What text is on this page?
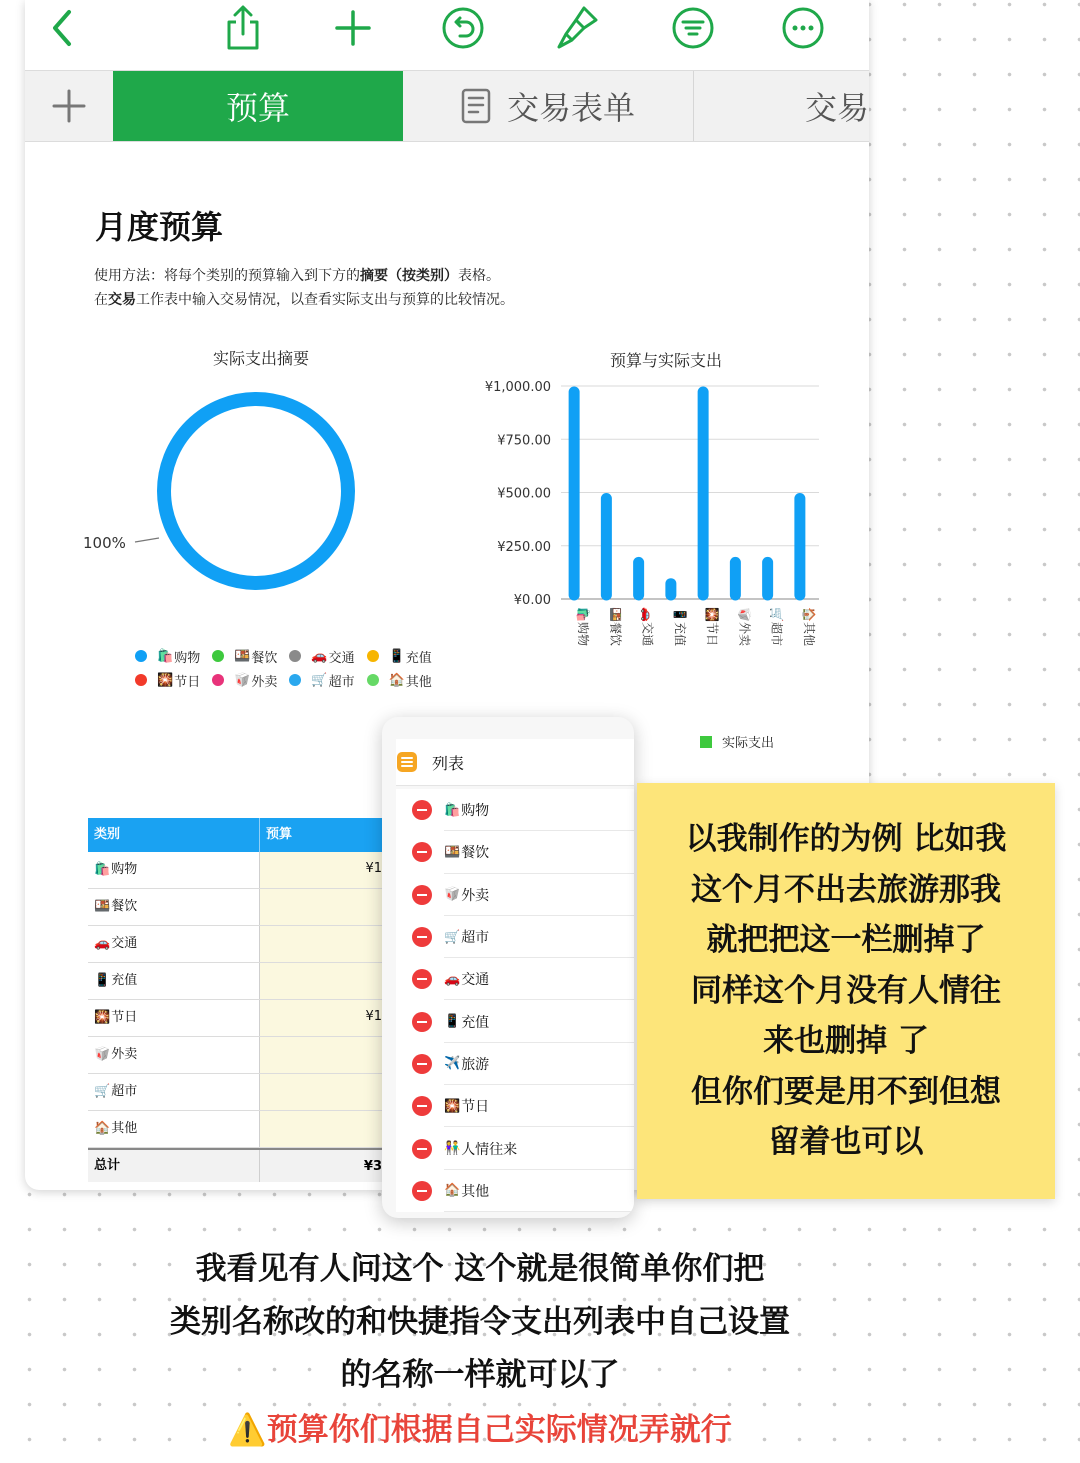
预算	交易表单	交易
月度预算
使用方法：将每个类别的预算输入到下方的摘要（按类别）表格。
在交易工作表中输入交易情况，以查看实际支出与预算的比较情况。
实际支出摘要
100%
🛍️ 购物	🍱 餐饮	🚗 交通	📱 充值
🎇 节日	🥡 外卖	🛒 超市	🏠 其他
预算与实际支出
¥1,000.00
¥750.00
¥500.00
¥250.00
¥0.00
🛍️购物
🍱餐饮
🚗交通
📱充值
🎇节日
🥡外卖
🛒超市
🏠其他
实际支出
类别	预算
🛍️购物	¥1
🍱餐饮
🚗交通
📱充值
🎇节日	¥1
🥡外卖
🛒超市
🏠其他
总计	¥3
列表
🛍️ 购物
🍱 餐饮
🥡 外卖
🛒 超市
🚗 交通
📱 充值
✈️ 旅游
🎇 节日
👫 人情往来
🏠 其他
以我制作的为例 比如我
这个月不出去旅游那我
就把把这一栏删掉了
同样这个月没有人情往
来也删掉 了
但你们要是用不到但想
留着也可以
我看见有人问这个 这个就是很简单你们把
类别名称改的和快捷指令支出列表中自己设置
的名称一样就可以了
⚠️预算你们根据自己实际情况弄就行
